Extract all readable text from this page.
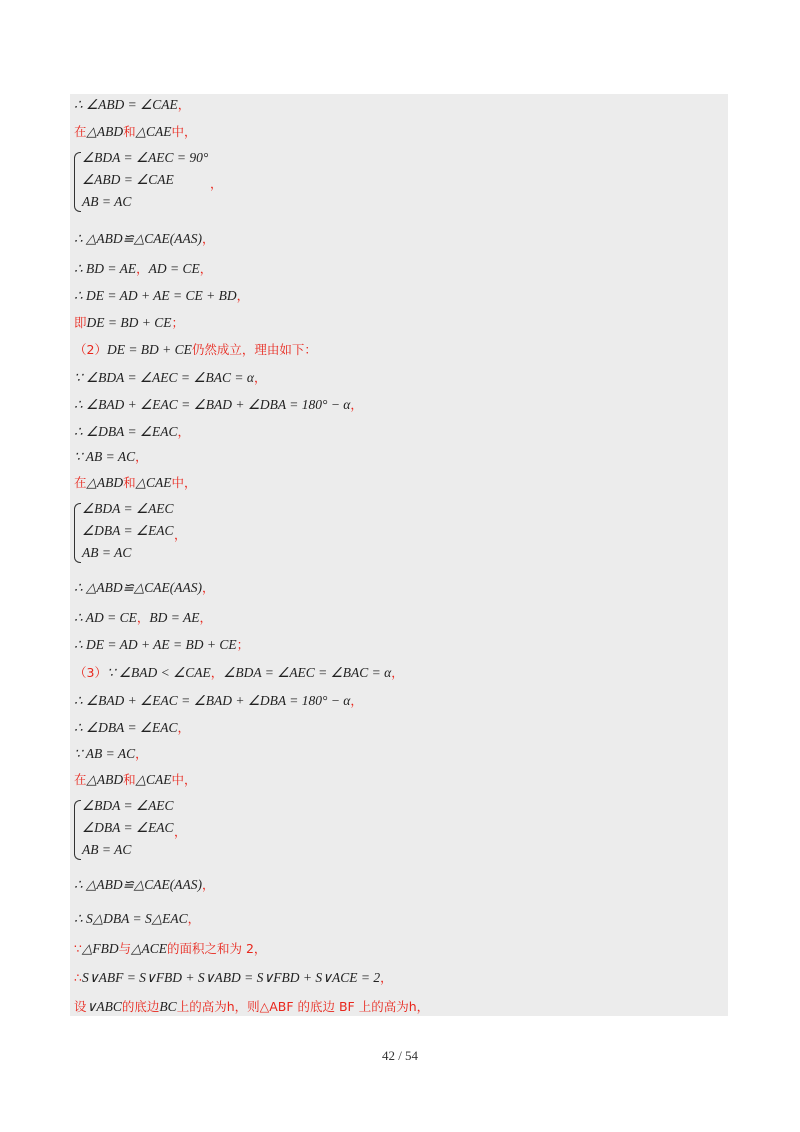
∴ ∠ABD = ∠CAE，
在△ABD和△CAE中，
∠BDA = ∠AEC = 90°
∠ABD = ∠CAE
AB = AC
，
∴ △ABD≌△CAE(AAS)，
∴ BD = AE，AD = CE，
∴ DE = AD + AE = CE + BD，
即DE = BD + CE；
（2）DE = BD + CE仍然成立，理由如下：
∵ ∠BDA = ∠AEC = ∠BAC = α，
∴ ∠BAD + ∠EAC = ∠BAD + ∠DBA = 180° − α，
∴ ∠DBA = ∠EAC，
∵ AB = AC，
在△ABD和△CAE中，
∠BDA = ∠AEC
∠DBA = ∠EAC
AB = AC
，
∴ △ABD≌△CAE(AAS)，
∴ AD = CE，BD = AE，
∴ DE = AD + AE = BD + CE；
（3）∵ ∠BAD < ∠CAE，∠BDA = ∠AEC = ∠BAC = α，
∴ ∠BAD + ∠EAC = ∠BAD + ∠DBA = 180° − α，
∴ ∠DBA = ∠EAC，
∵ AB = AC，
在△ABD和△CAE中，
∠BDA = ∠AEC
∠DBA = ∠EAC
AB = AC
，
∴ △ABD≌△CAE(AAS)，
∴ S△DBA = S△EAC，
∵△FBD与△ACE的面积之和为 2，
∴S∨ABF = S∨FBD + S∨ABD = S∨FBD + S∨ACE = 2，
设∨ABC的底边BC上的高为h，则△ABF 的底边 BF 上的高为h，
42 / 54
